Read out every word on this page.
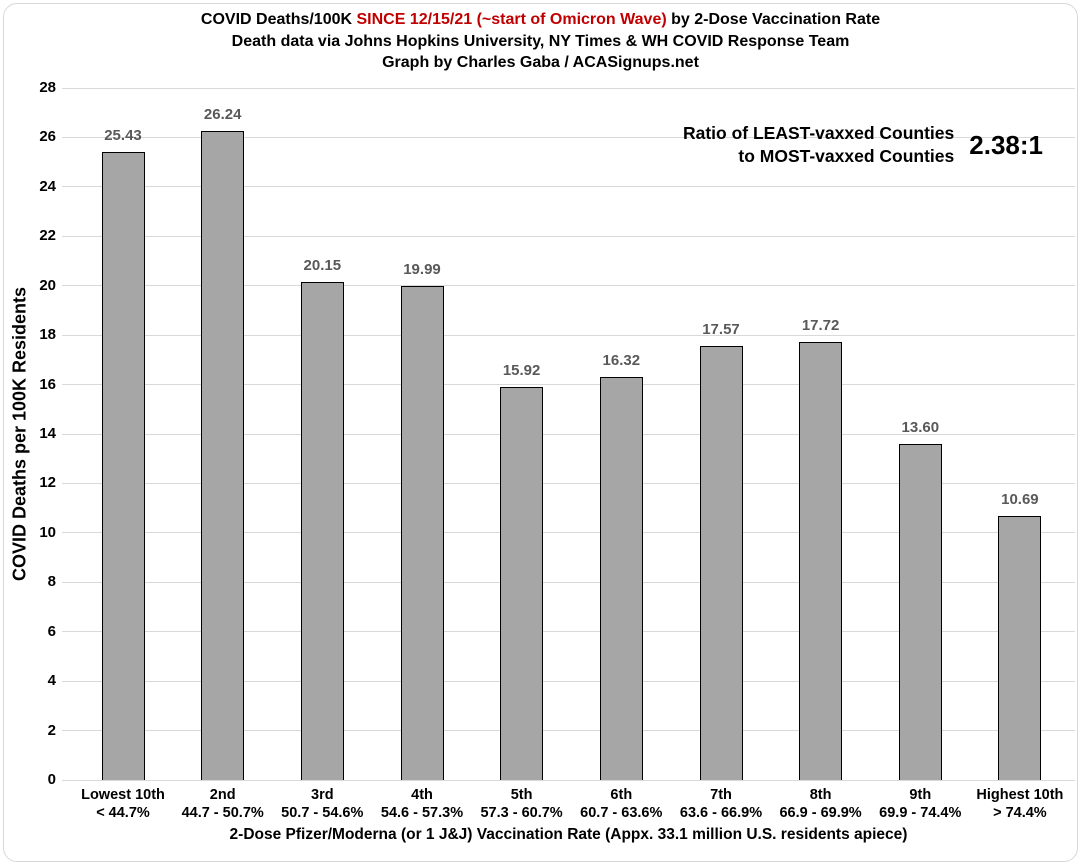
COVID Deaths/100K SINCE 12/15/21 (~start of Omicron Wave) by 2-Dose Vaccination Rate
Death data via Johns Hopkins University, NY Times & WH COVID Response Team
Graph by Charles Gaba / ACASignups.net
COVID Deaths per 100K Residents
Ratio of LEAST-vaxxed Counties
to MOST-vaxxed Counties 2.38:1
0
2
4
6
8
10
12
14
16
18
20
22
24
26
28
25.43
Lowest 10th
< 44.7%
26.24
2nd
44.7 - 50.7%
20.15
3rd
50.7 - 54.6%
19.99
4th
54.6 - 57.3%
15.92
5th
57.3 - 60.7%
16.32
6th
60.7 - 63.6%
17.57
7th
63.6 - 66.9%
17.72
8th
66.9 - 69.9%
13.60
9th
69.9 - 74.4%
10.69
Highest 10th
> 74.4%
2-Dose Pfizer/Moderna (or 1 J&J) Vaccination Rate (Appx. 33.1 million U.S. residents apiece)
